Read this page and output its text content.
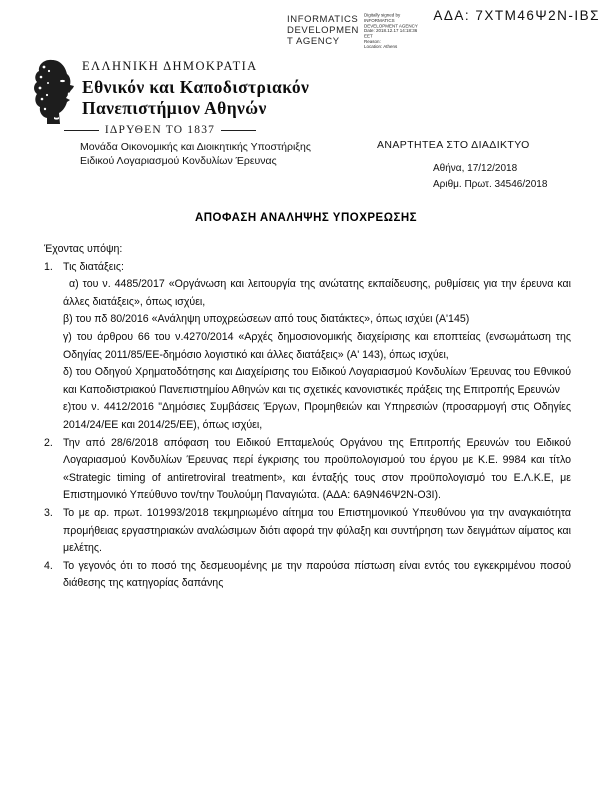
ΑΔΑ: 7ΧΤΜ46Ψ2Ν-ΙΒΣ
INFORMATICS
DEVELOPMEN
T AGENCY
Digitally signed by
INFORMATICS
DEVELOPMENT AGENCY
Date: 2018.12.17 14:18:36
EET
Reason:
Location: Athens
ΕΛΛΗΝΙΚΗ ΔΗΜΟΚΡΑΤΙΑ
Εθνικόν και Καποδιστριακόν
Πανεπιστήμιον Αθηνών
ΙΔΡΥΘΕΝ ΤΟ 1837
Μονάδα Οικονομικής και Διοικητικής Υποστήριξης
Ειδικού Λογαριασμού Κονδυλίων Έρευνας
ΑΝΑΡΤΗΤΕΑ ΣΤΟ ΔΙΑΔΙΚΤΥΟ
Αθήνα, 17/12/2018
Αριθμ. Πρωτ. 34546/2018
ΑΠΟΦΑΣΗ ΑΝΑΛΗΨΗΣ ΥΠΟΧΡΕΩΣΗΣ

Έχοντας υπόψη:

1. Τις διατάξεις:

α) του ν. 4485/2017 «Οργάνωση και λειτουργία της ανώτατης εκπαίδευσης, ρυθμίσεις για την έρευνα και άλλες διατάξεις», όπως ισχύει,

β) του πδ 80/2016 «Ανάληψη υποχρεώσεων από τους διατάκτες», όπως ισχύει (Α'145)

γ) του άρθρου 66 του ν.4270/2014 «Αρχές δημοσιονομικής διαχείρισης και εποπτείας (ενσωμάτωση της Οδηγίας 2011/85/ΕΕ-δημόσιο λογιστικό και άλλες διατάξεις» (Α' 143), όπως ισχύει,

δ) του Οδηγού Χρηματοδότησης και Διαχείρισης του Ειδικού Λογαριασμού Κονδυλίων Έρευνας του Εθνικού και Καποδιστριακού Πανεπιστημίου Αθηνών και τις σχετικές κανονιστικές πράξεις της Επιτροπής Ερευνών

ε)του ν. 4412/2016 "Δημόσιες Συμβάσεις Έργων, Προμηθειών και Υπηρεσιών (προσαρμογή στις Οδηγίες 2014/24/ΕΕ και 2014/25/ΕΕ), όπως ισχύει,

2. Την από 28/6/2018 απόφαση του Ειδικού Επταμελούς Οργάνου της Επιτροπής Ερευνών του Ειδικού Λογαριασμού Κονδυλίων Έρευνας περί έγκρισης του προϋπολογισμού του έργου με Κ.Ε. 9984 και τίτλο «Strategic timing of antiretroviral treatment», και ένταξής τους στον προϋπολογισμό του Ε.Λ.Κ.Ε, με Επιστημονικό Υπεύθυνο τον/την Τουλούμη Παναγιώτα. (ΑΔΑ: 6Α9Ν46Ψ2Ν-Ο3Ι).

3. Το με αρ. πρωτ. 101993/2018 τεκμηριωμένο αίτημα του Επιστημονικού Υπευθύνου για την αναγκαιότητα προμήθειας εργαστηριακών αναλώσιμων διότι αφορά την φύλαξη και συντήρηση των δειγμάτων αίματος και μελέτης.

4. Το γεγονός ότι το ποσό της δεσμευομένης με την παρούσα πίστωση είναι εντός του εγκεκριμένου ποσού διάθεσης της κατηγορίας δαπάνης
